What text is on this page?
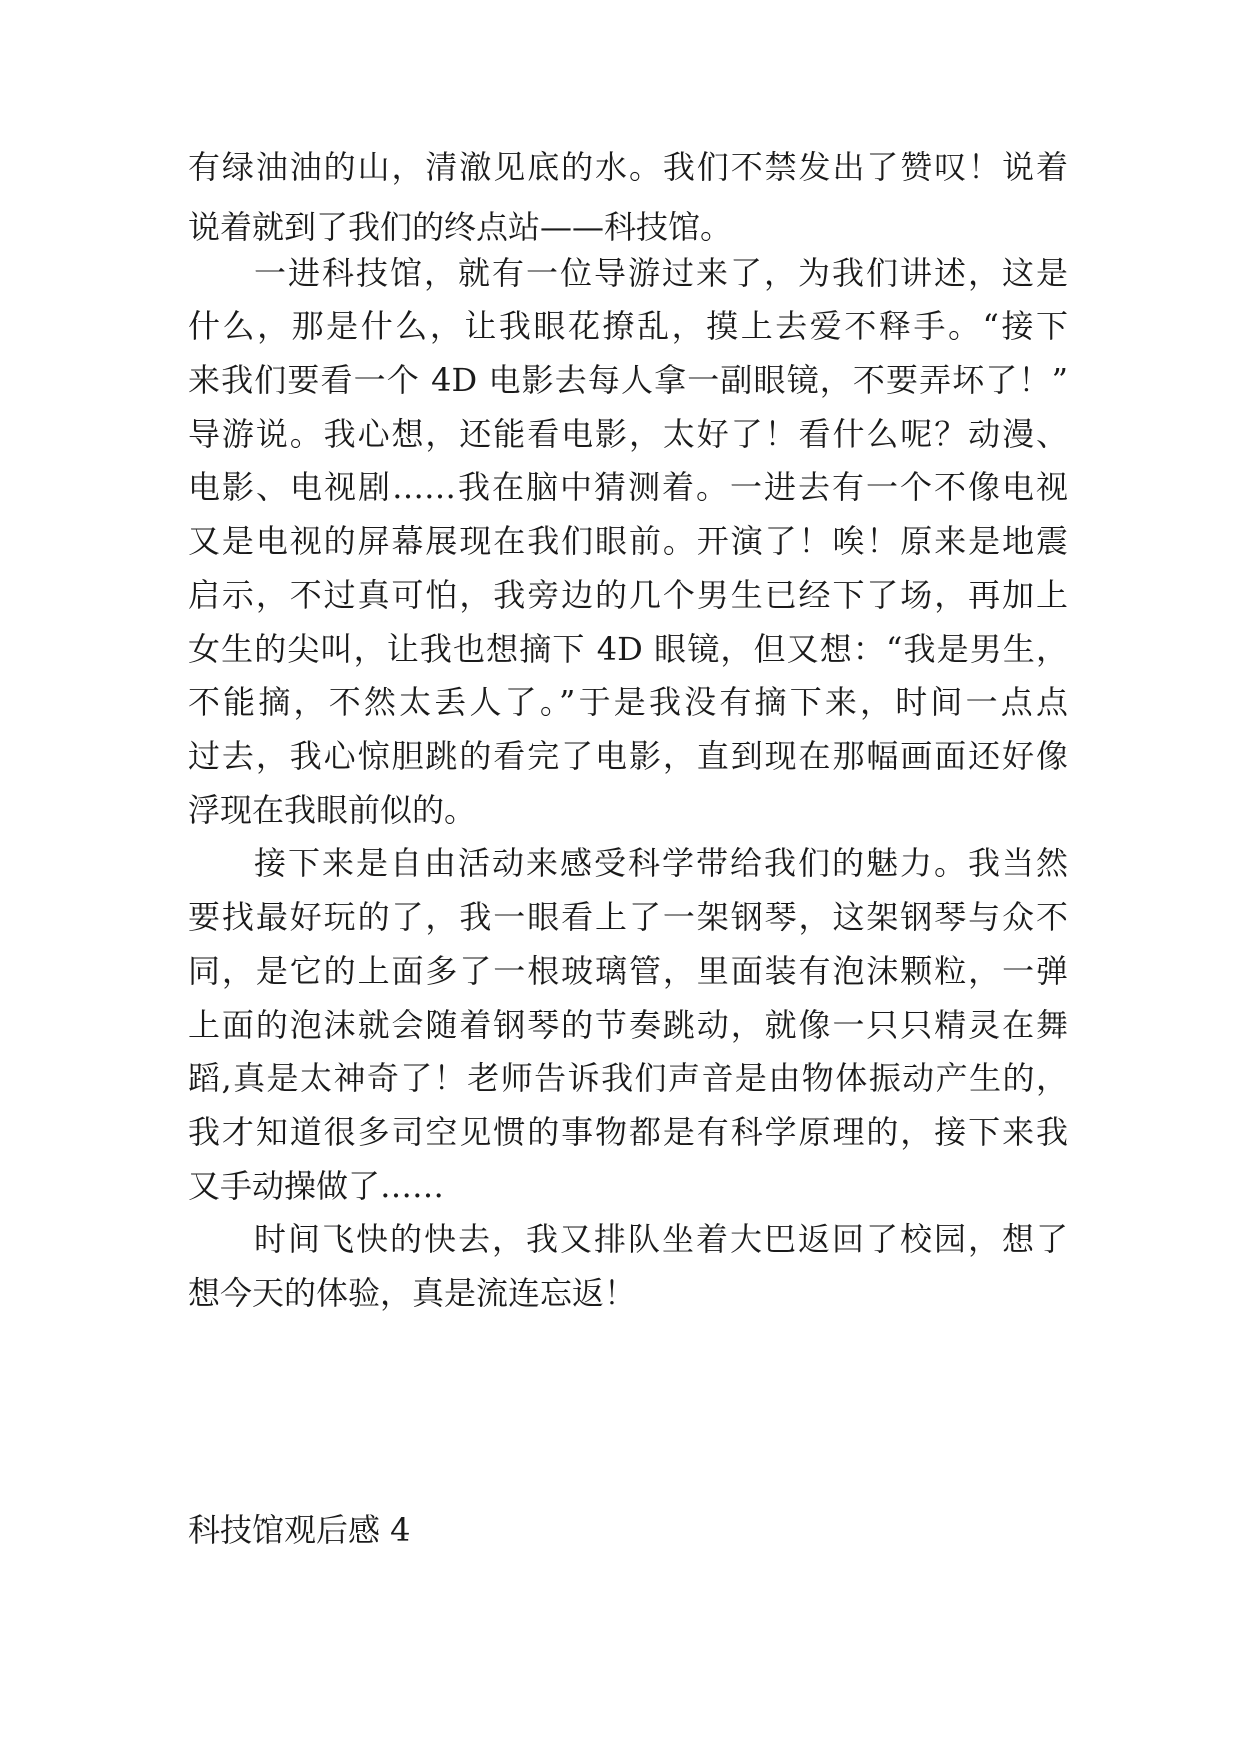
有绿油油的山，清澈见底的水。我们不禁发出了赞叹！说着
说着就到了我们的终点站——科技馆。
一进科技馆，就有一位导游过来了，为我们讲述，这是
什么，那是什么，让我眼花撩乱，摸上去爱不释手。“接下
来我们要看一个 4D 电影去每人拿一副眼镜，不要弄坏了！”
导游说。我心想，还能看电影，太好了！看什么呢？动漫、
电影、电视剧……我在脑中猜测着。一进去有一个不像电视
又是电视的屏幕展现在我们眼前。开演了！唉！原来是地震
启示，不过真可怕，我旁边的几个男生已经下了场，再加上
女生的尖叫，让我也想摘下 4D 眼镜，但又想：“我是男生，
不能摘，不然太丢人了。”于是我没有摘下来，时间一点点
过去，我心惊胆跳的看完了电影，直到现在那幅画面还好像
浮现在我眼前似的。
接下来是自由活动来感受科学带给我们的魅力。我当然
要找最好玩的了，我一眼看上了一架钢琴，这架钢琴与众不
同，是它的上面多了一根玻璃管，里面装有泡沫颗粒，一弹
上面的泡沫就会随着钢琴的节奏跳动，就像一只只精灵在舞
蹈,真是太神奇了！老师告诉我们声音是由物体振动产生的，
我才知道很多司空见惯的事物都是有科学原理的，接下来我
又手动操做了……
时间飞快的快去，我又排队坐着大巴返回了校园，想了
想今天的体验，真是流连忘返！
科技馆观后感 4
